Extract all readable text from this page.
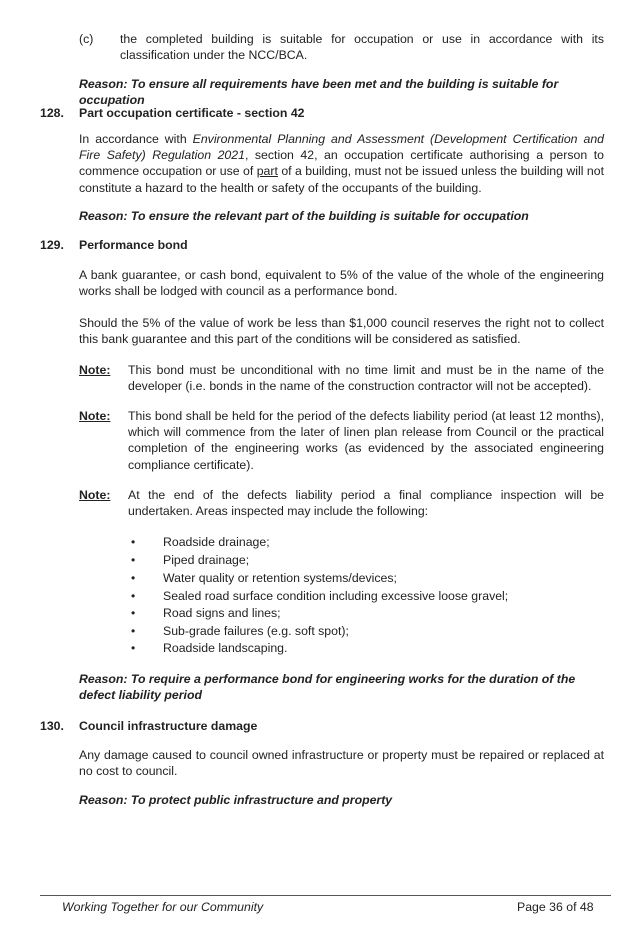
(c) the completed building is suitable for occupation or use in accordance with its classification under the NCC/BCA.

Reason: To ensure all requirements have been met and the building is suitable for occupation

128. Part occupation certificate - section 42

In accordance with Environmental Planning and Assessment (Development Certification and Fire Safety) Regulation 2021, section 42, an occupation certificate authorising a person to commence occupation or use of part of a building, must not be issued unless the building will not constitute a hazard to the health or safety of the occupants of the building.

Reason: To ensure the relevant part of the building is suitable for occupation

129. Performance bond

A bank guarantee, or cash bond, equivalent to 5% of the value of the whole of the engineering works shall be lodged with council as a performance bond.

Should the 5% of the value of work be less than $1,000 council reserves the right not to collect this bank guarantee and this part of the conditions will be considered as satisfied.

Note: This bond must be unconditional with no time limit and must be in the name of the developer (i.e. bonds in the name of the construction contractor will not be accepted).

Note: This bond shall be held for the period of the defects liability period (at least 12 months), which will commence from the later of linen plan release from Council or the practical completion of the engineering works (as evidenced by the associated engineering compliance certificate).

Note: At the end of the defects liability period a final compliance inspection will be undertaken. Areas inspected may include the following:

• Roadside drainage;
• Piped drainage;
• Water quality or retention systems/devices;
• Sealed road surface condition including excessive loose gravel;
• Road signs and lines;
• Sub-grade failures (e.g. soft spot);
• Roadside landscaping.

Reason: To require a performance bond for engineering works for the duration of the defect liability period

130. Council infrastructure damage

Any damage caused to council owned infrastructure or property must be repaired or replaced at no cost to council.

Reason: To protect public infrastructure and property

Working Together for our Community	Page 36 of 48
